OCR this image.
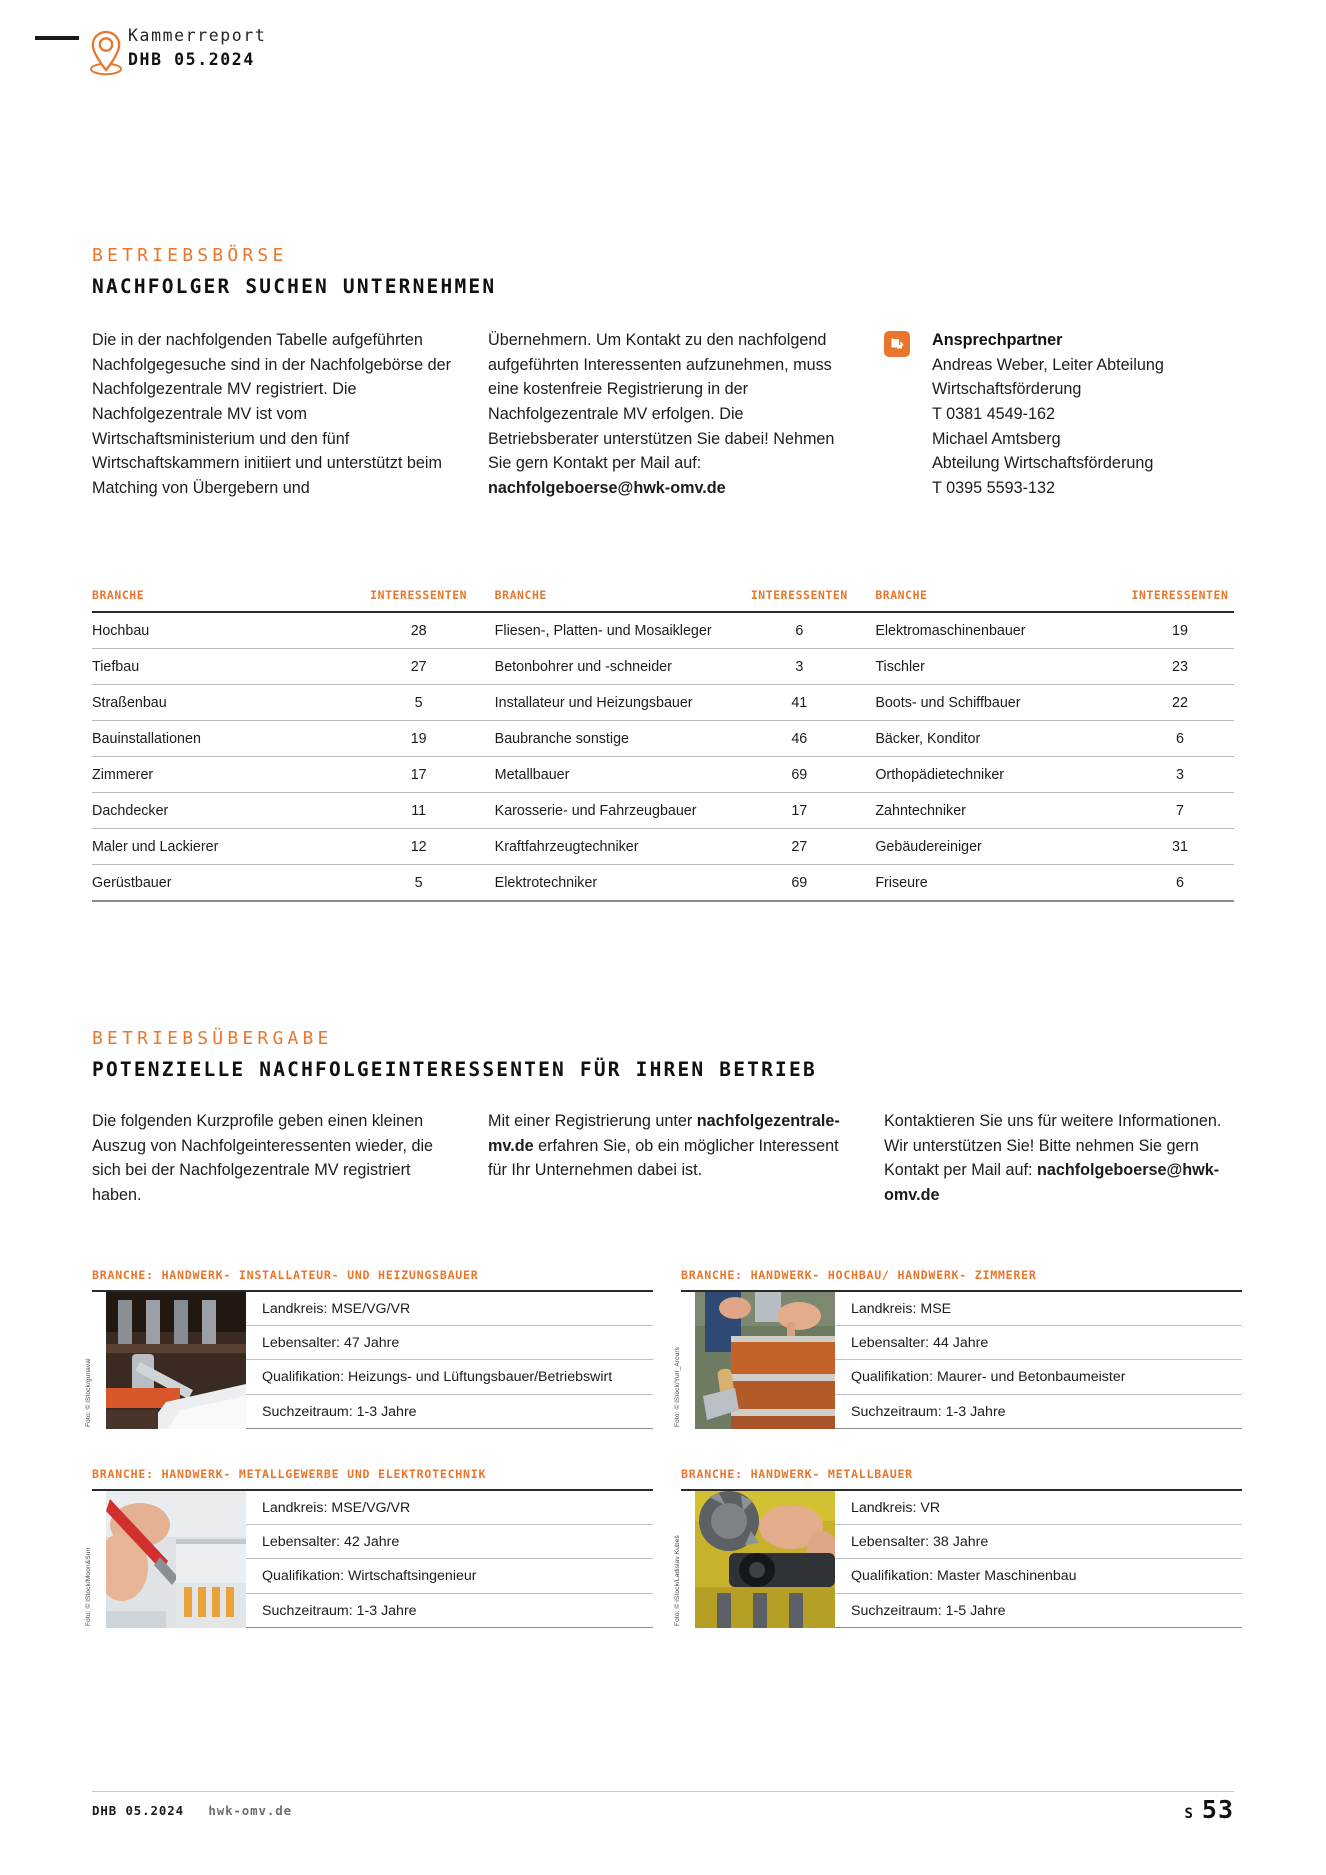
Kammerreport
DHB 05.2024
BETRIEBSBÖRSE
NACHFOLGER SUCHEN UNTERNEHMEN
Die in der nachfolgenden Tabelle aufgeführten Nachfolgegesuche sind in der Nachfolgebörse der Nachfolgezentrale MV registriert. Die Nachfolgezentrale MV ist vom Wirtschaftsministerium und den fünf Wirtschaftskammern initiiert und unterstützt beim Matching von Übergebern und
Übernehmern. Um Kontakt zu den nachfolgend aufgeführten Interessenten aufzunehmen, muss eine kostenfreie Registrierung in der Nachfolgezentrale MV erfolgen. Die Betriebsberater unterstützen Sie dabei! Nehmen Sie gern Kontakt per Mail auf: nachfolgeboerse@hwk-omv.de
Ansprechpartner
Andreas Weber, Leiter Abteilung
Wirtschaftsförderung
T 0381 4549-162
Michael Amtsberg
Abteilung Wirtschaftsförderung
T 0395 5593-132
BRANCHE	INTERESSENTEN
Hochbau	28
Tiefbau	27
Straßenbau	5
Bauinstallationen	19
Zimmerer	17
Dachdecker	11
Maler und Lackierer	12
Gerüstbauer	5
BRANCHE	INTERESSENTEN
Fliesen-, Platten- und Mosaikleger	6
Betonbohrer und -schneider	3
Installateur und Heizungsbauer	41
Baubranche sonstige	46
Metallbauer	69
Karosserie- und Fahrzeugbauer	17
Kraftfahrzeugtechniker	27
Elektrotechniker	69
BRANCHE	INTERESSENTEN
Elektromaschinenbauer	19
Tischler	23
Boots- und Schiffbauer	22
Bäcker, Konditor	6
Orthopädietechniker	3
Zahntechniker	7
Gebäudereiniger	31
Friseure	6
BETRIEBSÜBERGABE
POTENZIELLE NACHFOLGEINTERESSENTEN FÜR IHREN BETRIEB
Die folgenden Kurzprofile geben einen kleinen Auszug von Nachfolgeinteressenten wieder, die sich bei der Nachfolgezentrale MV registriert haben.
Mit einer Registrierung unter nachfolgezentrale-mv.de erfahren Sie, ob ein möglicher Interessent für Ihr Unternehmen dabei ist.
Kontaktieren Sie uns für weitere Informationen. Wir unterstützen Sie! Bitte nehmen Sie gern Kontakt per Mail auf: nachfolgeboerse@hwk-omv.de
BRANCHE: HANDWERK- INSTALLATEUR- UND HEIZUNGSBAUER
Foto: © iStock/gunavai
Landkreis: MSE/VG/VR
Lebensalter: 47 Jahre
Qualifikation: Heizungs- und Lüftungsbauer/Betriebswirt
Suchzeitraum: 1-3 Jahre
BRANCHE: HANDWERK- HOCHBAU/ HANDWERK- ZIMMERER
Foto: © iStock/Yuri_Arcurs
Landkreis: MSE
Lebensalter: 44 Jahre
Qualifikation: Maurer- und Betonbaumeister
Suchzeitraum: 1-3 Jahre
BRANCHE: HANDWERK- METALLGEWERBE UND ELEKTROTECHNIK
Foto: © iStock/Moon&Sun
Landkreis: MSE/VG/VR
Lebensalter: 42 Jahre
Qualifikation: Wirtschaftsingenieur
Suchzeitraum: 1-3 Jahre
BRANCHE: HANDWERK- METALLBAUER
Foto: © iStock/Ladislav Kubeš
Landkreis: VR
Lebensalter: 38 Jahre
Qualifikation: Master Maschinenbau
Suchzeitraum: 1-5 Jahre
DHB 05.2024 hwk-omv.de	S 53
